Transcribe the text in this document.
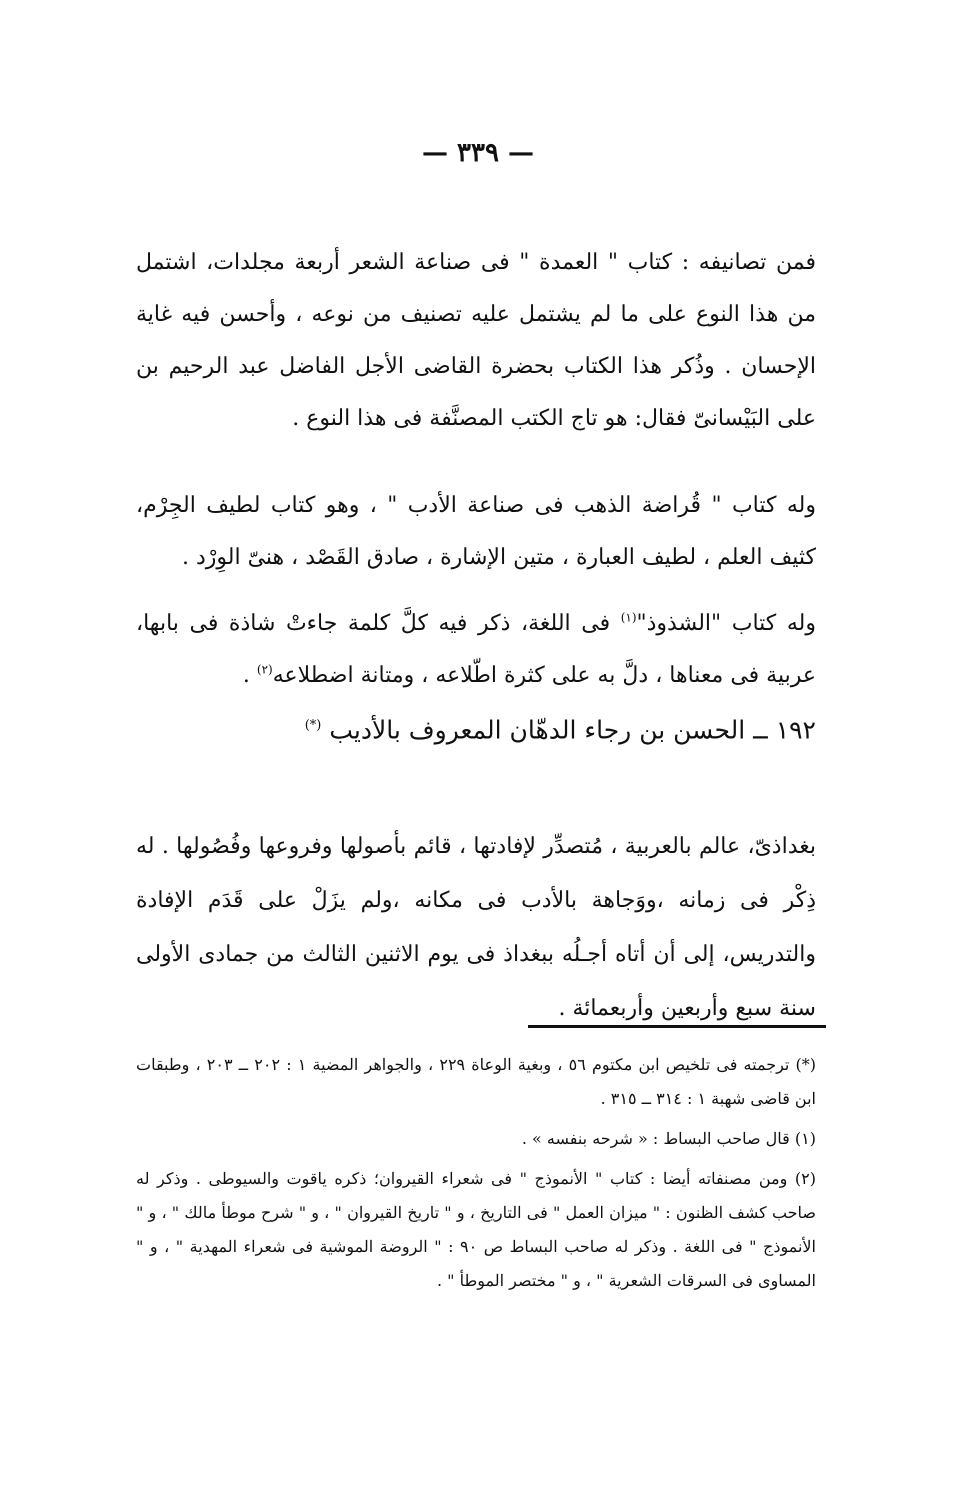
— ٣٣٩ —

فمن تصانيفه : كتاب " العمدة " فى صناعة الشعر أربعة مجلدات، اشتمل من هذا النوع على ما لم يشتمل عليه تصنيف من نوعه ، وأحسن فيه غاية الإحسان . وذُكر هذا الكتاب بحضرة القاضى الأجل الفاضل عبد الرحيم بن على البَيْسانىّ فقال: هو تاج الكتب المصنَّفة فى هذا النوع .

وله كتاب " قُراضة الذهب فى صناعة الأدب " ، وهو كتاب لطيف الجِرْم، كثيف العلم ، لطيف العبارة ، متين الإشارة ، صادق القَصْد ، هنىّ الوِرْد .

وله كتاب "الشذوذ"$^{(١)}$ فى اللغة، ذكر فيه كلَّ كلمة جاءتْ شاذة فى بابها، عربية فى معناها ، دلَّ به على كثرة اطّلاعه ، ومتانة اضطلاعه$^{(٢)}$ .

١٩٢ ــ الحسن بن رجاء الدهّان المعروف بالأديب (*)

بغداذىّ، عالم بالعربية ، مُتصدِّر لإفادتها ، قائم بأصولها وفروعها وفُصُولها . له ذِكْر فى زمانه ،ووَجاهة بالأدب فى مكانه ،ولم يزَلْ على قَدَم الإفادة والتدريس، إلى أن أتاه أجـلُه ببغداذ فى يوم الاثنين الثالث من جمادى الأولى سنة سبع وأربعين وأربعمائة .

(*) ترجمته فى تلخيص ابن مكتوم ٥٦ ، وبغية الوعاة ٢٢٩ ، والجواهر المضية ١ : ٢٠٢ ــ ٢٠٣ ، وطبقات ابن قاضى شهبة ١ : ٣١٤ ــ ٣١٥ .

(١) قال صاحب البساط : « شرحه بنفسه » .

(٢) ومن مصنفاته أيضا : كتاب " الأنموذج " فى شعراء القيروان؛ ذكره ياقوت والسيوطى . وذكر له صاحب كشف الظنون : " ميزان العمل " فى التاريخ ، و " تاريخ القيروان " ، و " شرح موطأ مالك " ، و " الأنموذج " فى اللغة . وذكر له صاحب البساط ص ٩٠ : " الروضة الموشية فى شعراء المهدية " ، و " المساوى فى السرقات الشعرية " ، و " مختصر الموطأ " .
